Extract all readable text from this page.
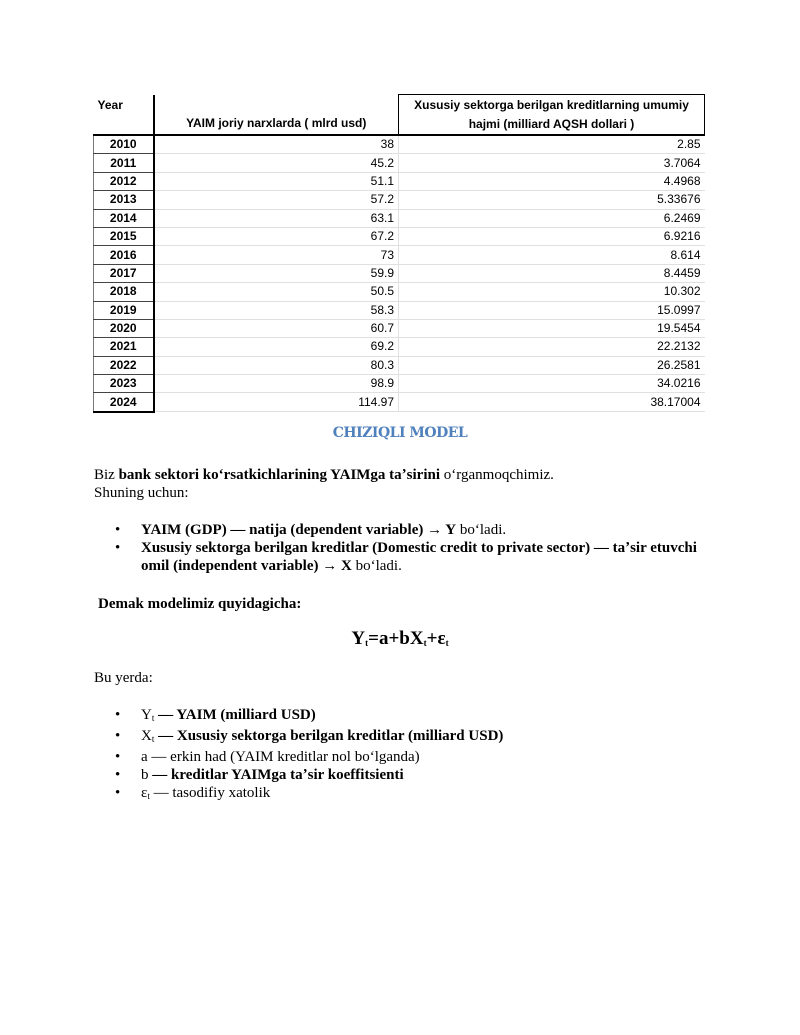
Year	YAIM joriy narxlarda ( mlrd usd)	Xususiy sektorga berilgan kreditlarning umumiy hajmi (milliard AQSH dollari )
2010	38	2.85
2011	45.2	3.7064
2012	51.1	4.4968
2013	57.2	5.33676
2014	63.1	6.2469
2015	67.2	6.9216
2016	73	8.614
2017	59.9	8.4459
2018	50.5	10.302
2019	58.3	15.0997
2020	60.7	19.5454
2021	69.2	22.2132
2022	80.3	26.2581
2023	98.9	34.0216
2024	114.97	38.17004
CHIZIQLI MODEL
Biz bank sektori koʻrsatkichlarining YAIMga taʼsirini oʻrganmoqchimiz.
Shuning uchun:
• YAIM (GDP) — natija (dependent variable) → Y boʻladi.
• Xususiy sektorga berilgan kreditlar (Domestic credit to private sector) — taʼsir etuvchi omil (independent variable) → X boʻladi.
Demak modelimiz quyidagicha:
$Y_t=a+bX_t+\varepsilon_t$
Bu yerda:
• $Y_t$ — YAIM (milliard USD)
• $X_t$ — Xususiy sektorga berilgan kreditlar (milliard USD)
• a — erkin had (YAIM kreditlar nol boʻlganda)
• b — kreditlar YAIMga taʼsir koeffitsienti
• $\varepsilon_t$ — tasodifiy xatolik
